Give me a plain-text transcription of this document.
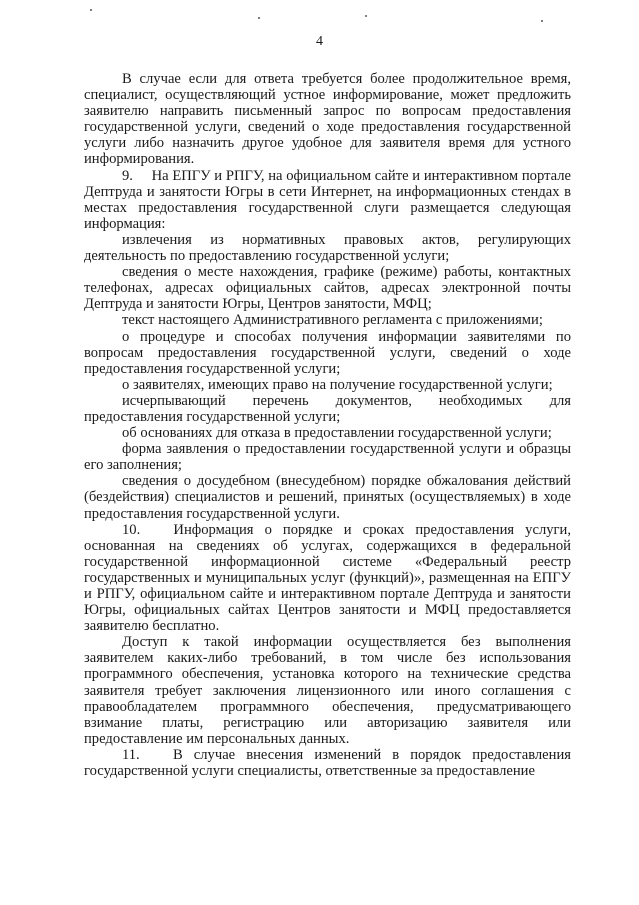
4

В случае если для ответа требуется более продолжительное время, специалист, осуществляющий устное информирование, может предложить заявителю направить письменный запрос по вопросам предоставления государственной услуги, сведений о ходе предоставления государственной услуги либо назначить другое удобное для заявителя время для устного информирования.

9.     На ЕПГУ и РПГУ, на официальном сайте и интерактивном портале Дептруда и занятости Югры в сети Интернет, на информационных стендах в местах предоставления государственной слуги размещается следующая информация:

извлечения из нормативных правовых актов, регулирующих деятельность по предоставлению государственной услуги;

сведения о месте нахождения, графике (режиме) работы, контактных телефонах, адресах официальных сайтов, адресах электронной почты Дептруда и занятости Югры, Центров занятости, МФЦ;

текст настоящего Административного регламента с приложениями;

о процедуре и способах получения информации заявителями по вопросам предоставления государственной услуги, сведений о ходе предоставления государственной услуги;

о заявителях, имеющих право на получение государственной услуги;

исчерпывающий перечень документов, необходимых для предоставления государственной услуги;

об основаниях для отказа в предоставлении государственной услуги;

форма заявления о предоставлении государственной услуги и образцы его заполнения;

сведения о досудебном (внесудебном) порядке обжалования действий (бездействия) специалистов и решений, принятых (осуществляемых) в ходе предоставления государственной услуги.

10.   Информация о порядке и сроках предоставления услуги, основанная на сведениях об услугах, содержащихся в федеральной государственной информационной системе «Федеральный реестр государственных и муниципальных услуг (функций)», размещенная на ЕПГУ и РПГУ, официальном сайте и интерактивном портале Дептруда и занятости Югры, официальных сайтах Центров занятости и МФЦ предоставляется заявителю бесплатно.

Доступ к такой информации осуществляется без выполнения заявителем каких-либо требований, в том числе без использования программного обеспечения, установка которого на технические средства заявителя требует заключения лицензионного или иного соглашения с правообладателем программного обеспечения, предусматривающего взимание платы, регистрацию или авторизацию заявителя или предоставление им персональных данных.

11.   В случае внесения изменений в порядок предоставления государственной услуги специалисты, ответственные за предоставление
